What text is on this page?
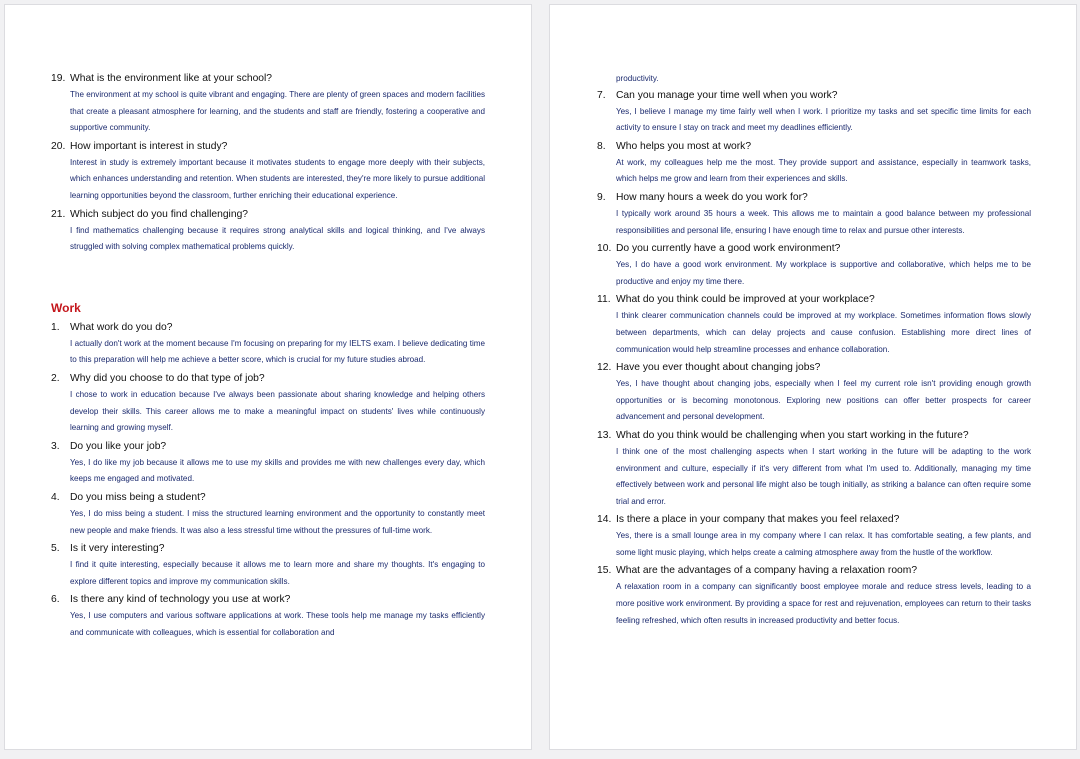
19. What is the environment like at your school?
The environment at my school is quite vibrant and engaging. There are plenty of green spaces and modern facilities that create a pleasant atmosphere for learning, and the students and staff are friendly, fostering a cooperative and supportive community.
20. How important is interest in study?
Interest in study is extremely important because it motivates students to engage more deeply with their subjects, which enhances understanding and retention. When students are interested, they're more likely to pursue additional learning opportunities beyond the classroom, further enriching their educational experience.
21. Which subject do you find challenging?
I find mathematics challenging because it requires strong analytical skills and logical thinking, and I've always struggled with solving complex mathematical problems quickly.
Work
1.	What work do you do?
I actually don't work at the moment because I'm focusing on preparing for my IELTS exam. I believe dedicating time to this preparation will help me achieve a better score, which is crucial for my future studies abroad.
2.	Why did you choose to do that type of job?
I chose to work in education because I've always been passionate about sharing knowledge and helping others develop their skills. This career allows me to make a meaningful impact on students' lives while continuously learning and growing myself.
3.	Do you like your job?
Yes, I do like my job because it allows me to use my skills and provides me with new challenges every day, which keeps me engaged and motivated.
4.	Do you miss being a student?
Yes, I do miss being a student. I miss the structured learning environment and the opportunity to constantly meet new people and make friends. It was also a less stressful time without the pressures of full-time work.
5.	Is it very interesting?
I find it quite interesting, especially because it allows me to learn more and share my thoughts. It's engaging to explore different topics and improve my communication skills.
6.	Is there any kind of technology you use at work?
Yes, I use computers and various software applications at work. These tools help me manage my tasks efficiently and communicate with colleagues, which is essential for collaboration and
productivity.
7.	Can you manage your time well when you work?
Yes, I believe I manage my time fairly well when I work. I prioritize my tasks and set specific time limits for each activity to ensure I stay on track and meet my deadlines efficiently.
8.	Who helps you most at work?
At work, my colleagues help me the most. They provide support and assistance, especially in teamwork tasks, which helps me grow and learn from their experiences and skills.
9.	How many hours a week do you work for?
I typically work around 35 hours a week. This allows me to maintain a good balance between my professional responsibilities and personal life, ensuring I have enough time to relax and pursue other interests.
10. Do you currently have a good work environment?
Yes, I do have a good work environment. My workplace is supportive and collaborative, which helps me to be productive and enjoy my time there.
11. What do you think could be improved at your workplace?
I think clearer communication channels could be improved at my workplace. Sometimes information flows slowly between departments, which can delay projects and cause confusion. Establishing more direct lines of communication would help streamline processes and enhance collaboration.
12. Have you ever thought about changing jobs?
Yes, I have thought about changing jobs, especially when I feel my current role isn't providing enough growth opportunities or is becoming monotonous. Exploring new positions can offer better prospects for career advancement and personal development.
13. What do you think would be challenging when you start working in the future?
I think one of the most challenging aspects when I start working in the future will be adapting to the work environment and culture, especially if it's very different from what I'm used to. Additionally, managing my time effectively between work and personal life might also be tough initially, as striking a balance can often require some trial and error.
14. Is there a place in your company that makes you feel relaxed?
Yes, there is a small lounge area in my company where I can relax. It has comfortable seating, a few plants, and some light music playing, which helps create a calming atmosphere away from the hustle of the workflow.
15. What are the advantages of a company having a relaxation room?
A relaxation room in a company can significantly boost employee morale and reduce stress levels, leading to a more positive work environment. By providing a space for rest and rejuvenation, employees can return to their tasks feeling refreshed, which often results in increased productivity and better focus.
